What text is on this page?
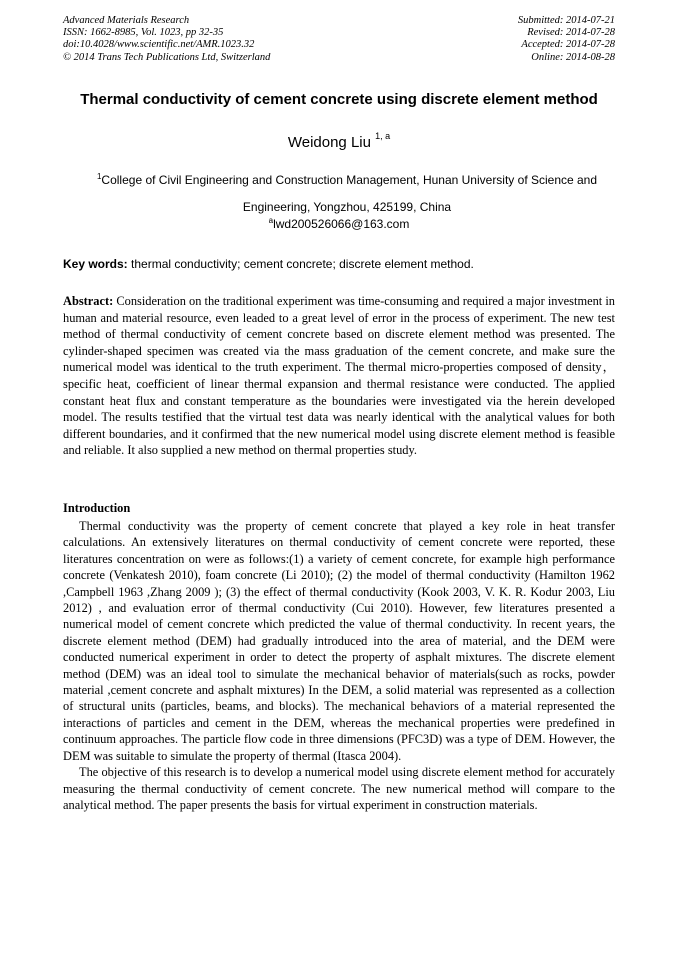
Advanced Materials Research
ISSN: 1662-8985, Vol. 1023, pp 32-35
doi:10.4028/www.scientific.net/AMR.1023.32
© 2014 Trans Tech Publications Ltd, Switzerland
Submitted: 2014-07-21
Revised: 2014-07-28
Accepted: 2014-07-28
Online: 2014-08-28
Thermal conductivity of cement concrete using discrete element method
Weidong Liu $^{1, a}$
$^1$College of Civil Engineering and Construction Management, Hunan University of Science and Engineering, Yongzhou, 425199, China
$^a$lwd200526066@163.com
Key words: thermal conductivity; cement concrete; discrete element method.
Abstract: Consideration on the traditional experiment was time-consuming and required a major investment in human and material resource, even leaded to a great level of error in the process of experiment. The new test method of thermal conductivity of cement concrete based on discrete element method was presented. The cylinder-shaped specimen was created via the mass graduation of the cement concrete, and make sure the numerical model was identical to the truth experiment. The thermal micro-properties composed of density，specific heat, coefficient of linear thermal expansion and thermal resistance were conducted. The applied constant heat flux and constant temperature as the boundaries were investigated via the herein developed model. The results testified that the virtual test data was nearly identical with the analytical values for both different boundaries, and it confirmed that the new numerical model using discrete element method is feasible and reliable. It also supplied a new method on thermal properties study.
Introduction

Thermal conductivity was the property of cement concrete that played a key role in heat transfer calculations. An extensively literatures on thermal conductivity of cement concrete were reported, these literatures concentration on were as follows:(1) a variety of cement concrete, for example high performance concrete (Venkatesh 2010), foam concrete (Li 2010); (2) the model of thermal conductivity (Hamilton 1962 ,Campbell 1963 ,Zhang 2009 ); (3) the effect of thermal conductivity (Kook 2003, V. K. R. Kodur 2003, Liu 2012) , and evaluation error of thermal conductivity (Cui 2010). However, few literatures presented a numerical model of cement concrete which predicted the value of thermal conductivity. In recent years, the discrete element method (DEM) had gradually introduced into the area of material, and the DEM were conducted numerical experiment in order to detect the property of asphalt mixtures. The discrete element method (DEM) was an ideal tool to simulate the mechanical behavior of materials(such as rocks, powder material ,cement concrete and asphalt mixtures) In the DEM, a solid material was represented as a collection of structural units (particles, beams, and blocks). The mechanical behaviors of a material represented the interactions of particles and cement in the DEM, whereas the mechanical properties were predefined in continuum approaches. The particle flow code in three dimensions (PFC3D) was a type of DEM. However, the DEM was suitable to simulate the property of thermal (Itasca 2004).

The objective of this research is to develop a numerical model using discrete element method for accurately measuring the thermal conductivity of cement concrete. The new numerical method will compare to the analytical method. The paper presents the basis for virtual experiment in construction materials.
